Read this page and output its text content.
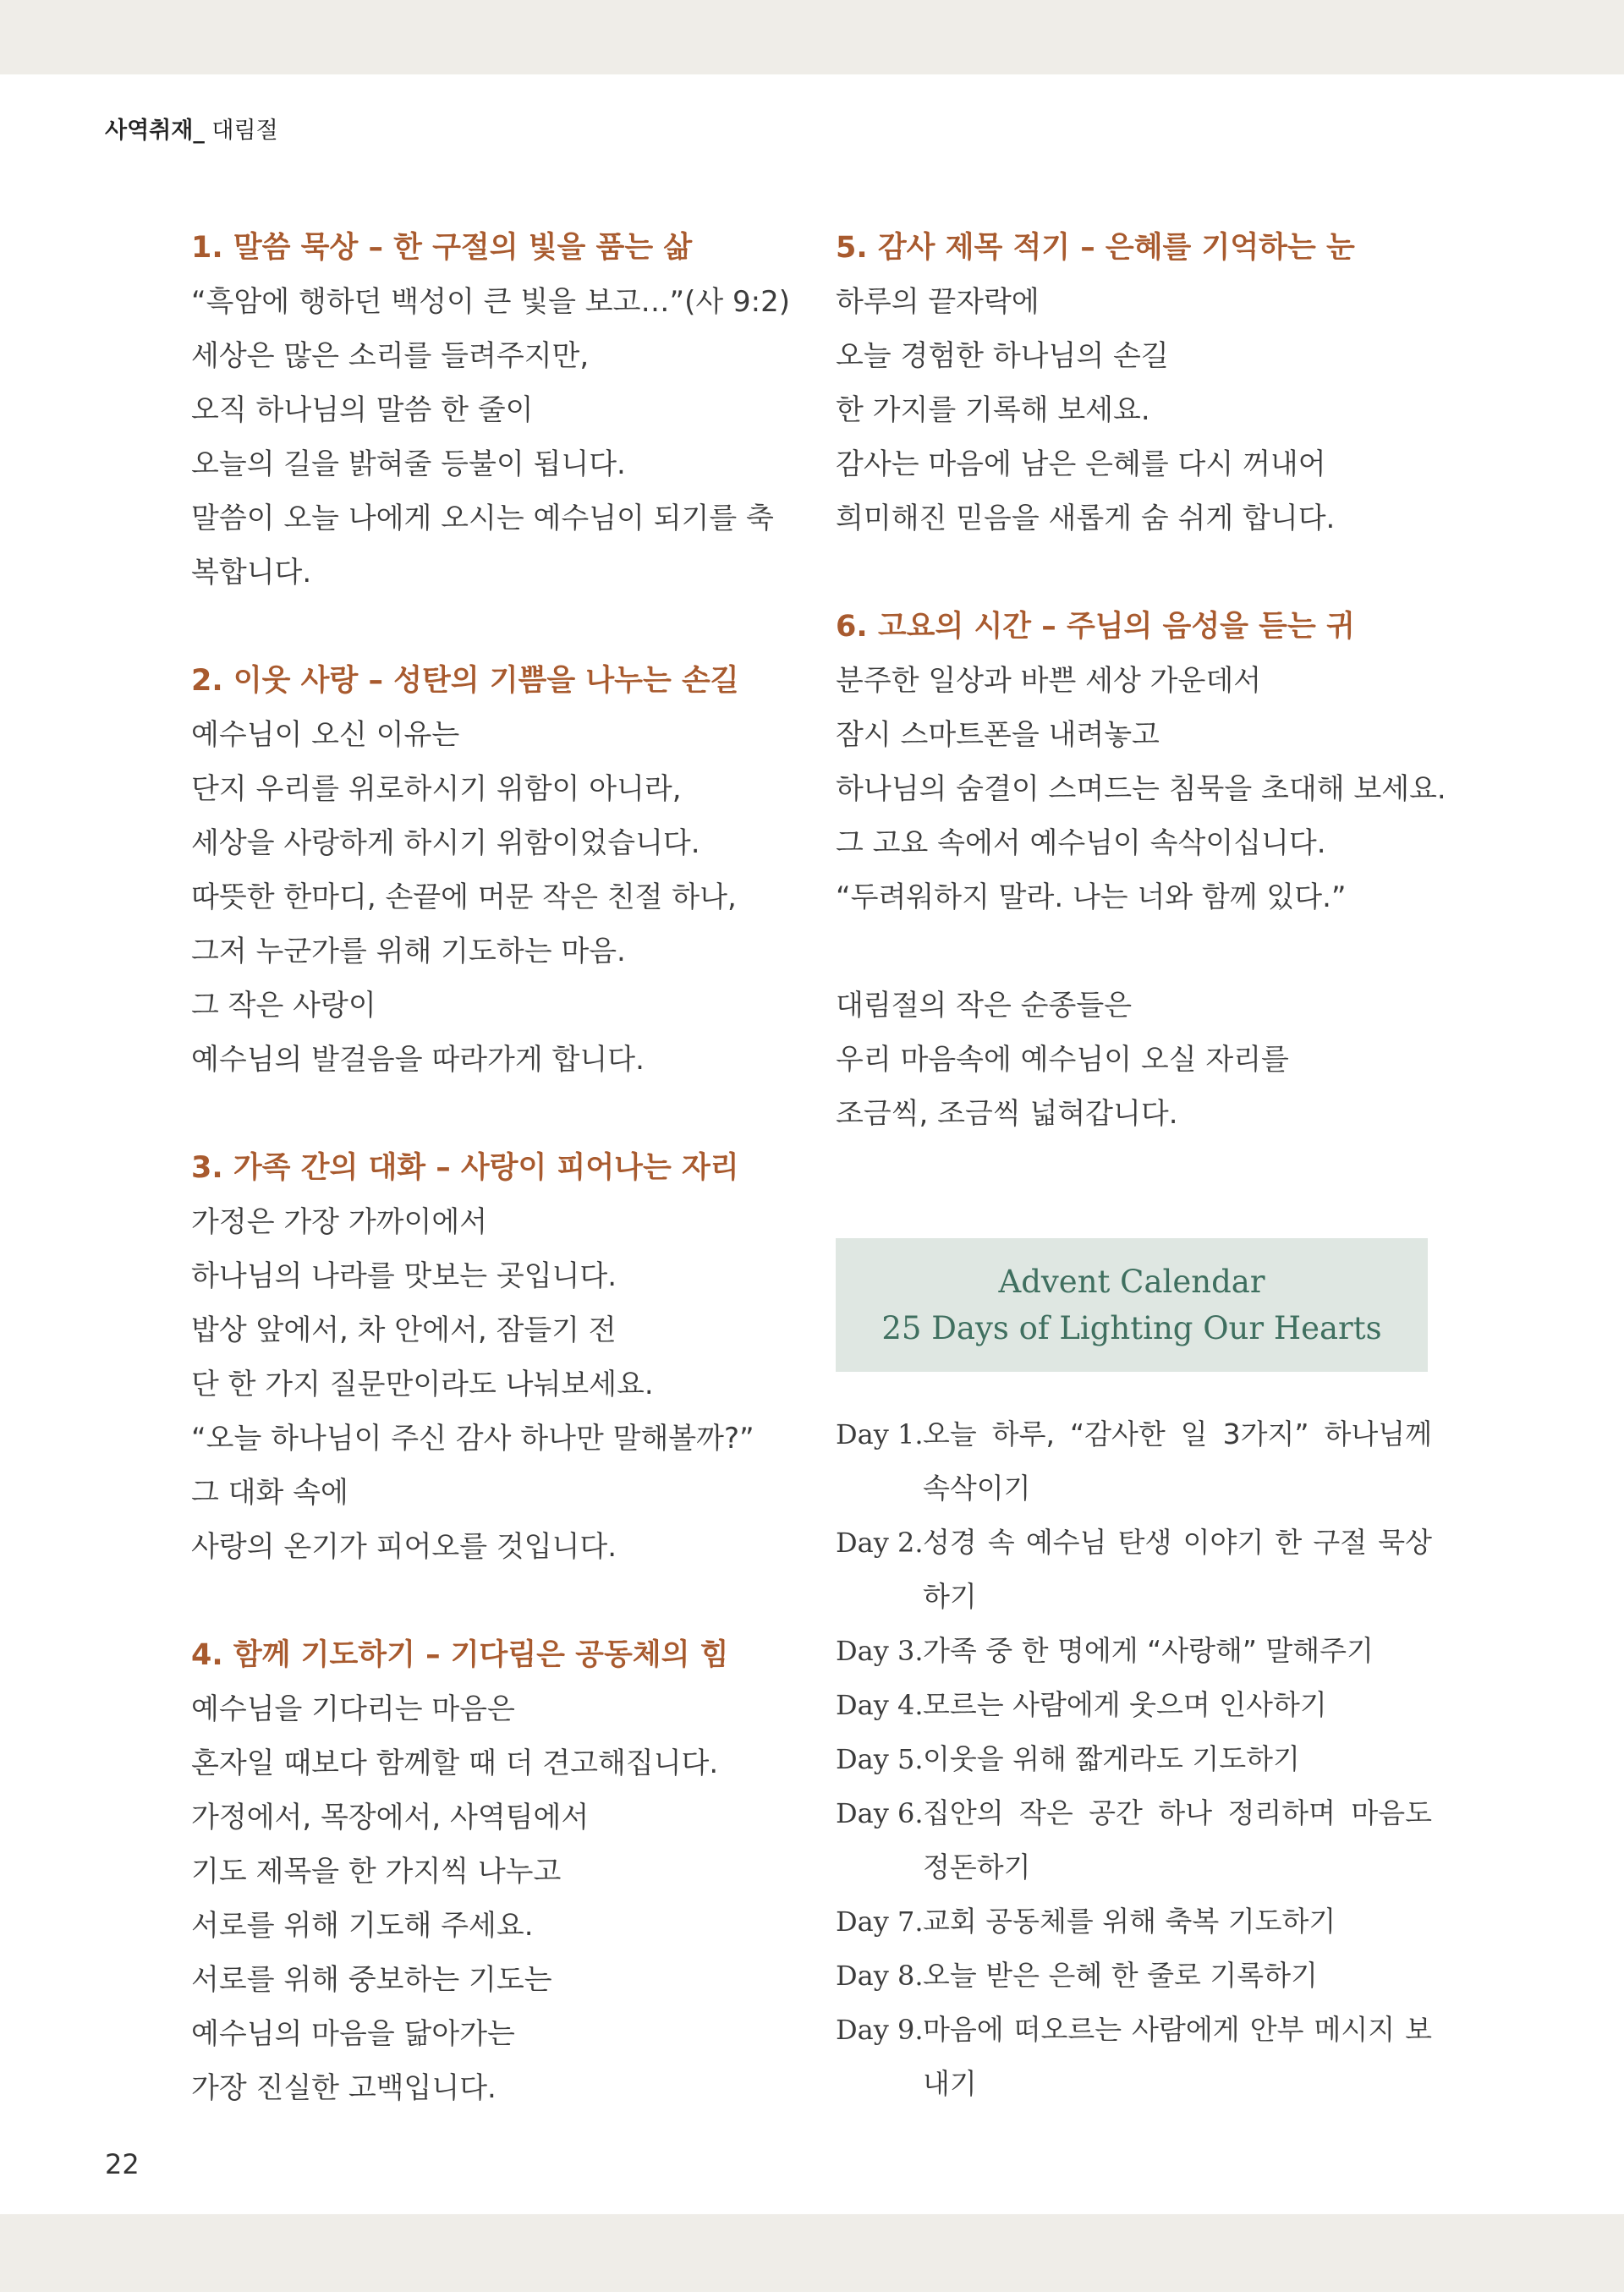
사역취재_ 대림절
1. 말씀 묵상 – 한 구절의 빛을 품는 삶
“흑암에 행하던 백성이 큰 빛을 보고…”(사 9:2)
세상은 많은 소리를 들려주지만,
오직 하나님의 말씀 한 줄이
오늘의 길을 밝혀줄 등불이 됩니다.
말씀이 오늘 나에게 오시는 예수님이 되기를 축
복합니다.
2. 이웃 사랑 – 성탄의 기쁨을 나누는 손길
예수님이 오신 이유는
단지 우리를 위로하시기 위함이 아니라,
세상을 사랑하게 하시기 위함이었습니다.
따뜻한 한마디, 손끝에 머문 작은 친절 하나,
그저 누군가를 위해 기도하는 마음.
그 작은 사랑이
예수님의 발걸음을 따라가게 합니다.
3. 가족 간의 대화 – 사랑이 피어나는 자리
가정은 가장 가까이에서
하나님의 나라를 맛보는 곳입니다.
밥상 앞에서, 차 안에서, 잠들기 전
단 한 가지 질문만이라도 나눠보세요.
“오늘 하나님이 주신 감사 하나만 말해볼까?”
그 대화 속에
사랑의 온기가 피어오를 것입니다.
4. 함께 기도하기 – 기다림은 공동체의 힘
예수님을 기다리는 마음은
혼자일 때보다 함께할 때 더 견고해집니다.
가정에서, 목장에서, 사역팀에서
기도 제목을 한 가지씩 나누고
서로를 위해 기도해 주세요.
서로를 위해 중보하는 기도는
예수님의 마음을 닮아가는
가장 진실한 고백입니다.
5. 감사 제목 적기 – 은혜를 기억하는 눈
하루의 끝자락에
오늘 경험한 하나님의 손길
한 가지를 기록해 보세요.
감사는 마음에 남은 은혜를 다시 꺼내어
희미해진 믿음을 새롭게 숨 쉬게 합니다.
6. 고요의 시간 – 주님의 음성을 듣는 귀
분주한 일상과 바쁜 세상 가운데서
잠시 스마트폰을 내려놓고
하나님의 숨결이 스며드는 침묵을 초대해 보세요.
그 고요 속에서 예수님이 속삭이십니다.
“두려워하지 말라. 나는 너와 함께 있다.”
대림절의 작은 순종들은
우리 마음속에 예수님이 오실 자리를
조금씩, 조금씩 넓혀갑니다.
Advent Calendar
25 Days of Lighting Our Hearts
Day 1. 오늘 하루, “감사한 일 3가지” 하나님께 속삭이기
Day 2. 성경 속 예수님 탄생 이야기 한 구절 묵상하기
Day 3. 가족 중 한 명에게 “사랑해” 말해주기
Day 4. 모르는 사람에게 웃으며 인사하기
Day 5. 이웃을 위해 짧게라도 기도하기
Day 6. 집안의 작은 공간 하나 정리하며 마음도 정돈하기
Day 7. 교회 공동체를 위해 축복 기도하기
Day 8. 오늘 받은 은혜 한 줄로 기록하기
Day 9. 마음에 떠오르는 사람에게 안부 메시지 보내기
22
